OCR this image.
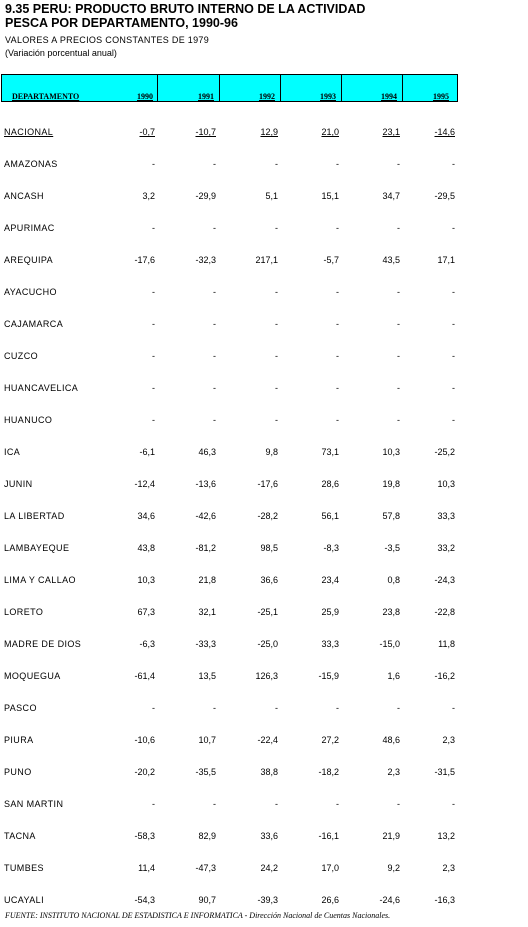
9.35 PERU: PRODUCTO BRUTO INTERNO DE LA ACTIVIDAD
PESCA POR DEPARTAMENTO, 1990-96
VALORES A PRECIOS CONSTANTES DE 1979
(Variación porcentual anual)
DEPARTAMENTO	1990	1991	1992	1993	1994	1995
NACIONAL	-0,7	-10,7	12,9	21,0	23,1	-14,6
AMAZONAS	-	-	-	-	-	-
ANCASH	3,2	-29,9	5,1	15,1	34,7	-29,5
APURIMAC	-	-	-	-	-	-
AREQUIPA	-17,6	-32,3	217,1	-5,7	43,5	17,1
AYACUCHO	-	-	-	-	-	-
CAJAMARCA	-	-	-	-	-	-
CUZCO	-	-	-	-	-	-
HUANCAVELICA	-	-	-	-	-	-
HUANUCO	-	-	-	-	-	-
ICA	-6,1	46,3	9,8	73,1	10,3	-25,2
JUNIN	-12,4	-13,6	-17,6	28,6	19,8	10,3
LA LIBERTAD	34,6	-42,6	-28,2	56,1	57,8	33,3
LAMBAYEQUE	43,8	-81,2	98,5	-8,3	-3,5	33,2
LIMA Y CALLAO	10,3	21,8	36,6	23,4	0,8	-24,3
LORETO	67,3	32,1	-25,1	25,9	23,8	-22,8
MADRE DE DIOS	-6,3	-33,3	-25,0	33,3	-15,0	11,8
MOQUEGUA	-61,4	13,5	126,3	-15,9	1,6	-16,2
PASCO	-	-	-	-	-	-
PIURA	-10,6	10,7	-22,4	27,2	48,6	2,3
PUNO	-20,2	-35,5	38,8	-18,2	2,3	-31,5
SAN MARTIN	-	-	-	-	-	-
TACNA	-58,3	82,9	33,6	-16,1	21,9	13,2
TUMBES	11,4	-47,3	24,2	17,0	9,2	2,3
UCAYALI	-54,3	90,7	-39,3	26,6	-24,6	-16,3
FUENTE: INSTITUTO NACIONAL DE ESTADISTICA E INFORMATICA - Dirección Nacional de Cuentas Nacionales.
